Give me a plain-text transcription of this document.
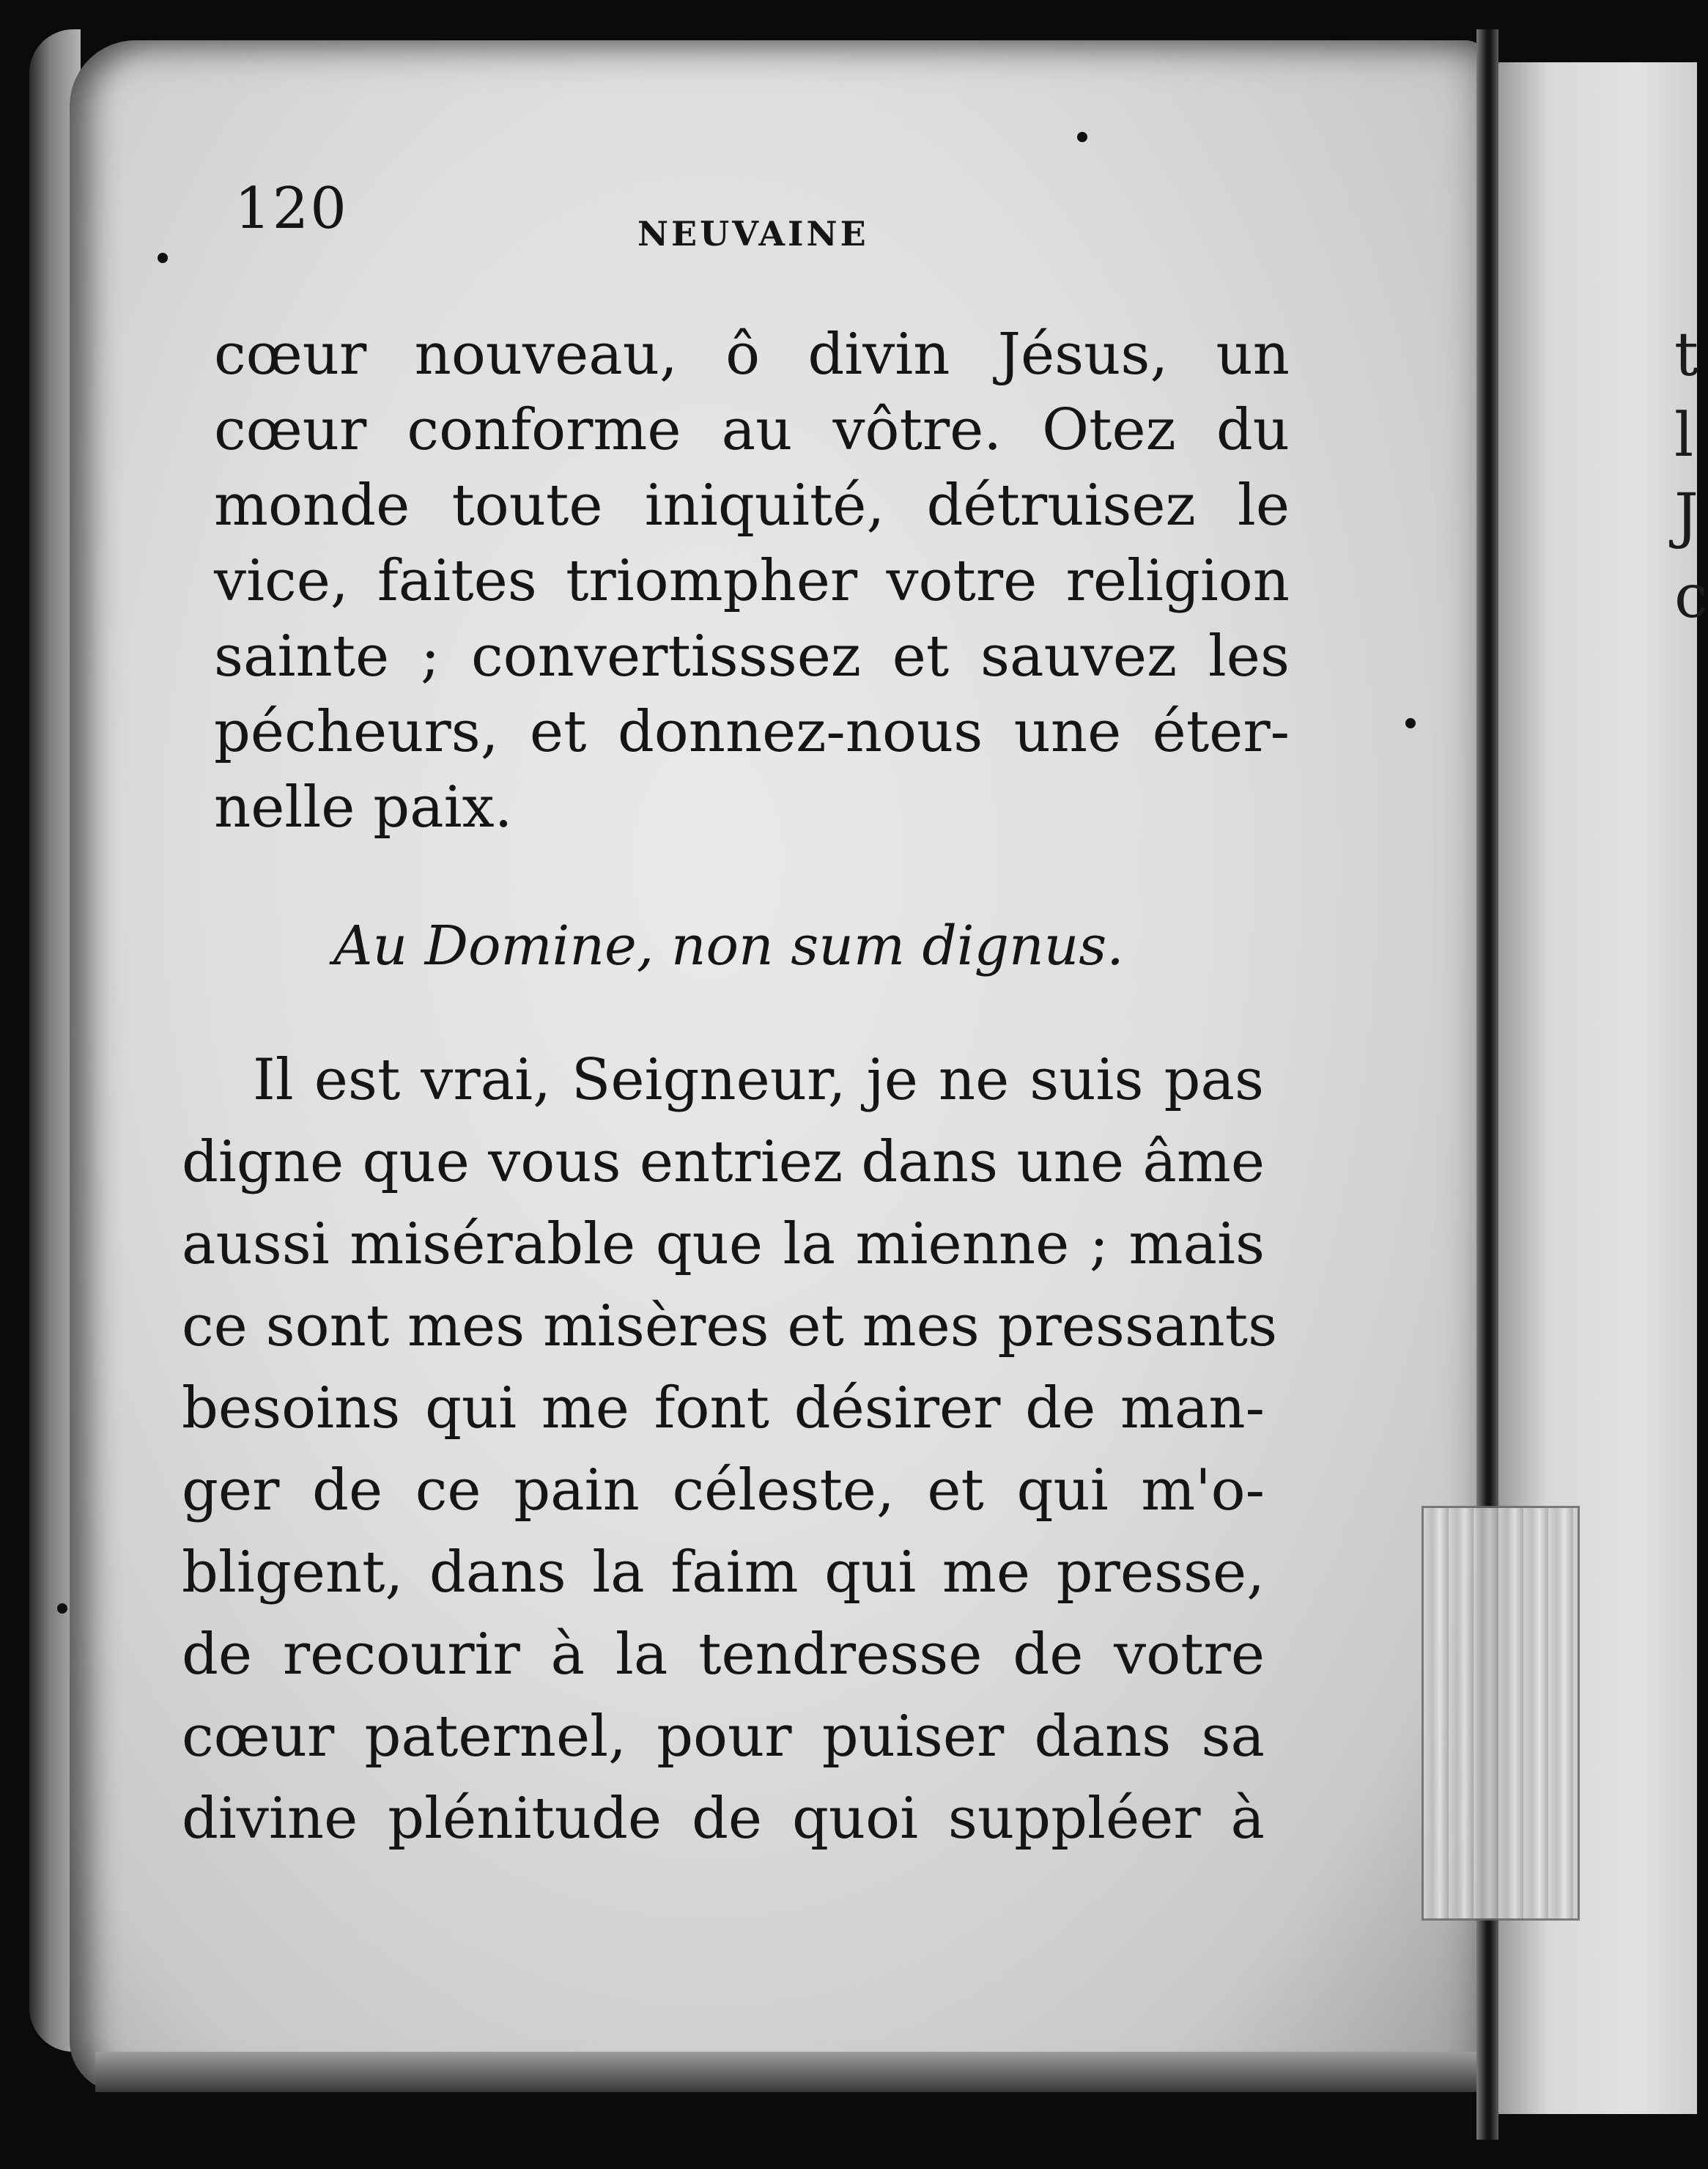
t
l
J
c
120	NEUVAINE
cœur nouveau, ô divin Jésus, un
cœur conforme au vôtre. Otez du
monde toute iniquité, détruisez le
vice, faites triompher votre religion
sainte ; convertisssez et sauvez les
pécheurs, et donnez-nous une éter-
nelle paix.
Au Domine, non sum dignus.
Il est vrai, Seigneur, je ne suis pas
digne que vous entriez dans une âme
aussi misérable que la mienne ; mais
ce sont mes misères et mes pressants
besoins qui me font désirer de man-
ger de ce pain céleste, et qui m'o-
bligent, dans la faim qui me presse,
de recourir à la tendresse de votre
cœur paternel, pour puiser dans sa
divine plénitude de quoi suppléer à
